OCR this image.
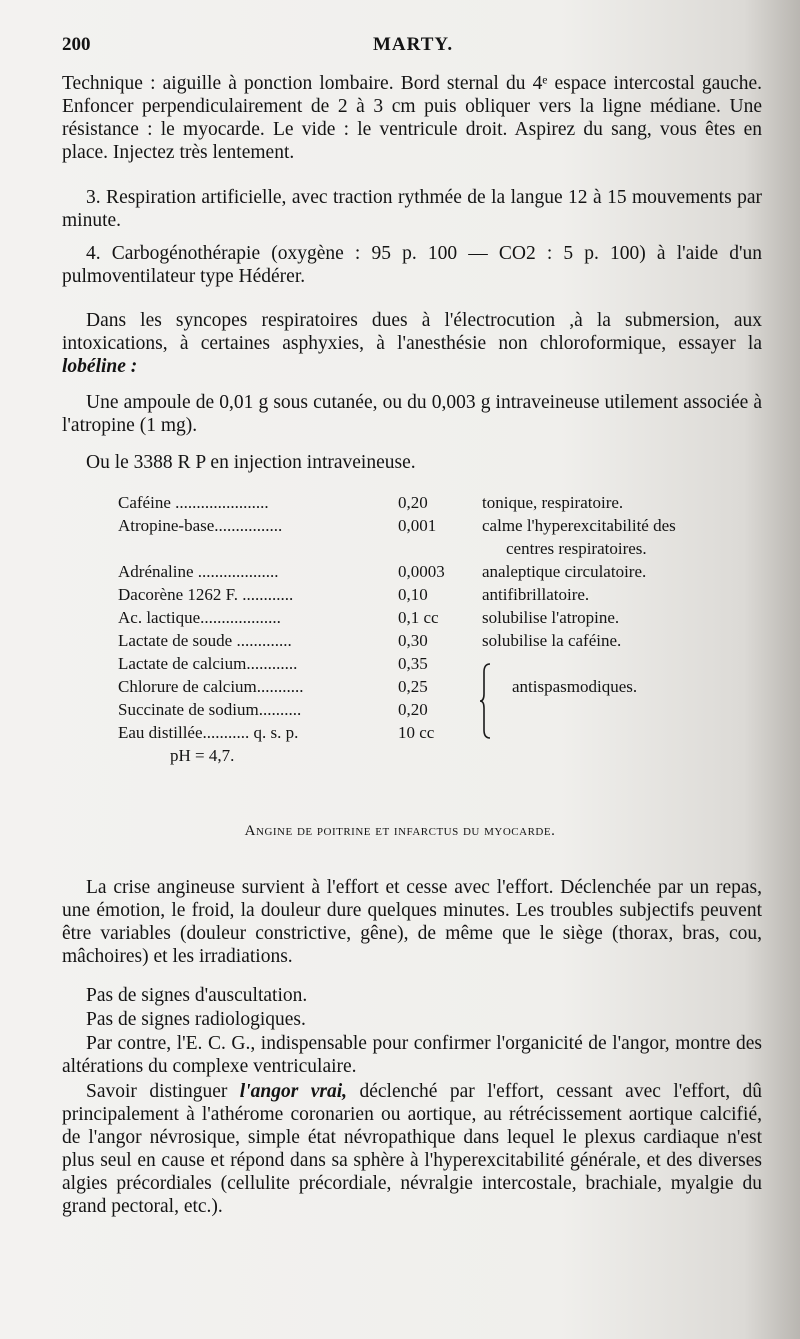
200	MARTY.

Technique : aiguille à ponction lombaire. Bord sternal du 4ᵉ espace intercostal gauche. Enfoncer perpendiculairement de 2 à 3 cm puis obliquer vers la ligne médiane. Une résistance : le myocarde. Le vide : le ventricule droit. Aspirez du sang, vous êtes en place. Injectez très lentement.

3. Respiration artificielle, avec traction rythmée de la langue 12 à 15 mouvements par minute.

4. Carbogénothérapie (oxygène : 95 p. 100 — CO2 : 5 p. 100) à l'aide d'un pulmoventilateur type Hédérer.

Dans les syncopes respiratoires dues à l'électrocution ,à la submersion, aux intoxications, à certaines asphyxies, à l'anesthésie non chloroformique, essayer la lobéline :

Une ampoule de 0,01 g sous cutanée, ou du 0,003 g intraveineuse utilement associée à l'atropine (1 mg).

Ou le 3388 R P en injection intraveineuse.

Caféine ......................	0,20	tonique, respiratoire.
Atropine-base................	0,001	calme l'hyperexcitabilité des
centres respiratoires.
Adrénaline ...................	0,0003 analeptique circulatoire.
Dacorène 1262 F. ............	0,10	antifibrillatoire.
Ac. lactique...................	0,1 cc	solubilise l'atropine.
Lactate de soude .............	0,30	solubilise la caféine.
Lactate de calcium............	0,35
Chlorure de calcium...........	0,25	antispasmodiques.
Succinate de sodium..........	0,20
Eau distillée........... q. s. p.	10 cc
pH = 4,7.
Angine de poitrine et infarctus du myocarde.

La crise angineuse survient à l'effort et cesse avec l'effort. Déclenchée par un repas, une émotion, le froid, la douleur dure quelques minutes. Les troubles subjectifs peuvent être variables (douleur constrictive, gêne), de même que le siège (thorax, bras, cou, mâchoires) et les irradiations.

Pas de signes d'auscultation.

Pas de signes radiologiques.

Par contre, l'E. C. G., indispensable pour confirmer l'organicité de l'angor, montre des altérations du complexe ventriculaire.

Savoir distinguer l'angor vrai, déclenché par l'effort, cessant avec l'effort, dû principalement à l'athérome coronarien ou aortique, au rétrécissement aortique calcifié, de l'angor névrosique, simple état névropathique dans lequel le plexus cardiaque n'est plus seul en cause et répond dans sa sphère à l'hyperexcitabilité générale, et des diverses algies précordiales (cellulite précordiale, névralgie intercostale, brachiale, myalgie du grand pectoral, etc.).
